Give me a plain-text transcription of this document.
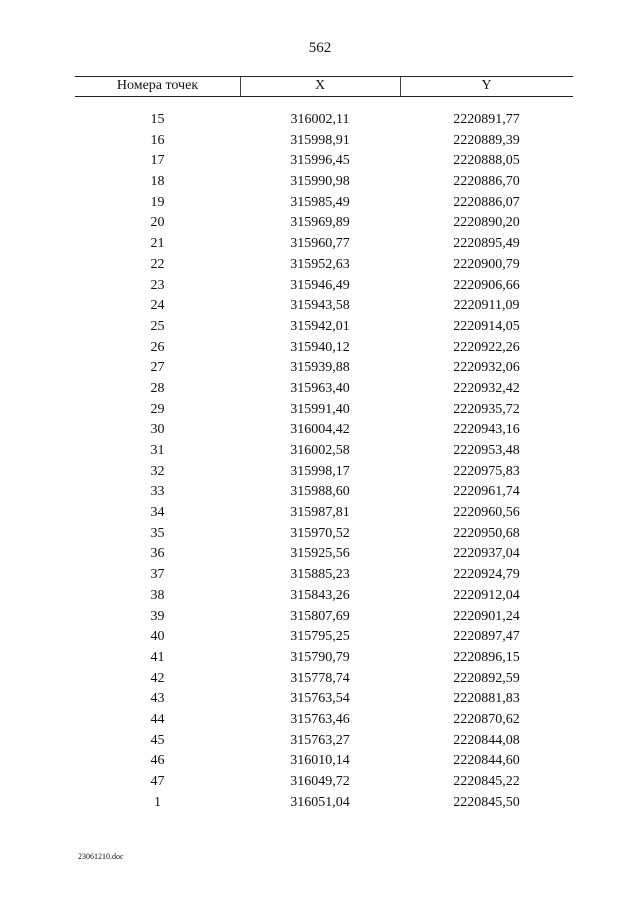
562
Номера точек	X	Y
15	316002,11	2220891,77
16	315998,91	2220889,39
17	315996,45	2220888,05
18	315990,98	2220886,70
19	315985,49	2220886,07
20	315969,89	2220890,20
21	315960,77	2220895,49
22	315952,63	2220900,79
23	315946,49	2220906,66
24	315943,58	2220911,09
25	315942,01	2220914,05
26	315940,12	2220922,26
27	315939,88	2220932,06
28	315963,40	2220932,42
29	315991,40	2220935,72
30	316004,42	2220943,16
31	316002,58	2220953,48
32	315998,17	2220975,83
33	315988,60	2220961,74
34	315987,81	2220960,56
35	315970,52	2220950,68
36	315925,56	2220937,04
37	315885,23	2220924,79
38	315843,26	2220912,04
39	315807,69	2220901,24
40	315795,25	2220897,47
41	315790,79	2220896,15
42	315778,74	2220892,59
43	315763,54	2220881,83
44	315763,46	2220870,62
45	315763,27	2220844,08
46	316010,14	2220844,60
47	316049,72	2220845,22
1	316051,04	2220845,50
23061210.doc
